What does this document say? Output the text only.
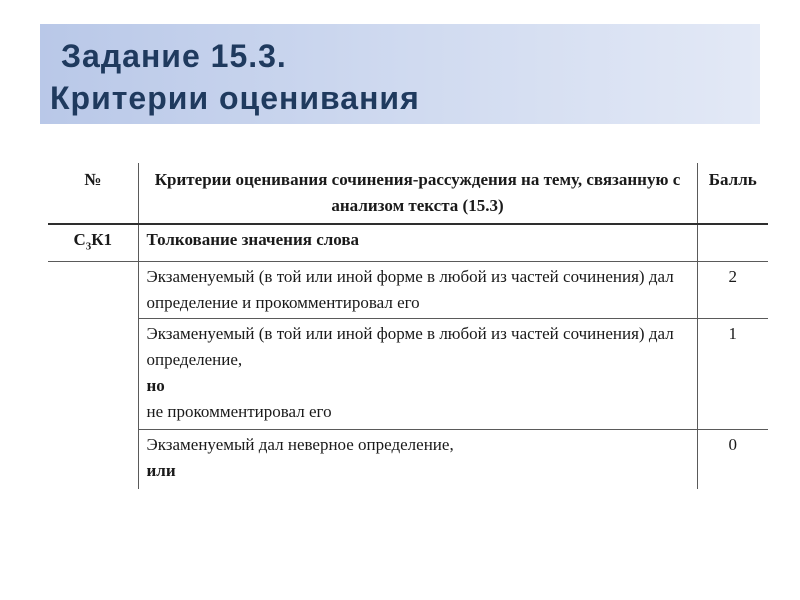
Задание 15.3.
Критерии оценивания
№	Критерии оценивания сочинения-рассуждения на тему, связанную с анализом текста (15.3)	Балль
$С_3К1$	Толкование значения слова	
	Экзаменуемый (в той или иной форме в любой из частей сочинения) дал определение и прокомментировал его	2

	Экзаменуемый (в той или иной форме в любой из частей сочинения) дал определение,
но
не прокомментировал его	1

	Экзаменуемый дал неверное определение,
или	0
